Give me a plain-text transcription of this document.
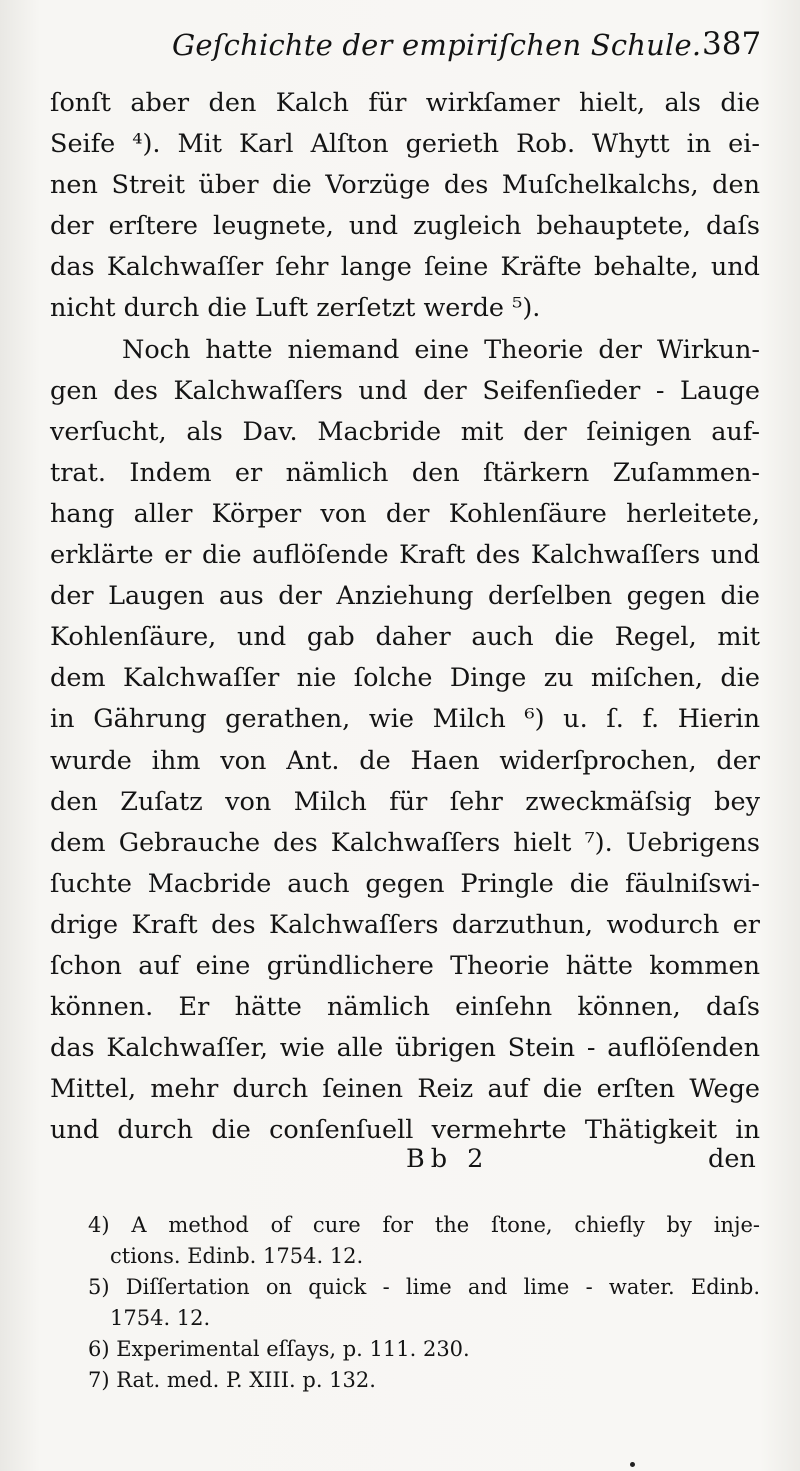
Geſchichte der empiriſchen Schule. 387
ſonſt aber den Kalch für wirkſamer hielt, als die
Seife ⁴). Mit Karl Alſton gerieth Rob. Whytt in ei-
nen Streit über die Vorzüge des Muſchelkalchs, den
der erſtere leugnete, und zugleich behauptete, daſs
das Kalchwaſſer ſehr lange ſeine Kräfte behalte, und
nicht durch die Luft zerſetzt werde ⁵).
Noch hatte niemand eine Theorie der Wirkun-
gen des Kalchwaſſers und der Seifenſieder - Lauge
verſucht, als Dav. Macbride mit der ſeinigen auf-
trat. Indem er nämlich den ſtärkern Zuſammen-
hang aller Körper von der Kohlenſäure herleitete,
erklärte er die auflöſende Kraft des Kalchwaſſers und
der Laugen aus der Anziehung derſelben gegen die
Kohlenſäure, und gab daher auch die Regel, mit
dem Kalchwaſſer nie ſolche Dinge zu miſchen, die
in Gährung gerathen, wie Milch ⁶) u. ſ. f. Hierin
wurde ihm von Ant. de Haen widerſprochen, der
den Zuſatz von Milch für ſehr zweckmäſsig bey
dem Gebrauche des Kalchwaſſers hielt ⁷). Uebrigens
ſuchte Macbride auch gegen Pringle die fäulniſswi-
drige Kraft des Kalchwaſſers darzuthun, wodurch er
ſchon auf eine gründlichere Theorie hätte kommen
können. Er hätte nämlich einſehn können, daſs
das Kalchwaſſer, wie alle übrigen Stein - auflöſenden
Mittel, mehr durch ſeinen Reiz auf die erſten Wege
und durch die conſenſuell vermehrte Thätigkeit in
Bb 2	den
4) A method of cure for the ſtone, chiefly by inje-
ctions. Edinb. 1754. 12.
5) Diſſertation on quick - lime and lime - water. Edinb.
1754. 12.
6) Experimental eſſays, p. 111. 230.
7) Rat. med. P. XIII. p. 132.
